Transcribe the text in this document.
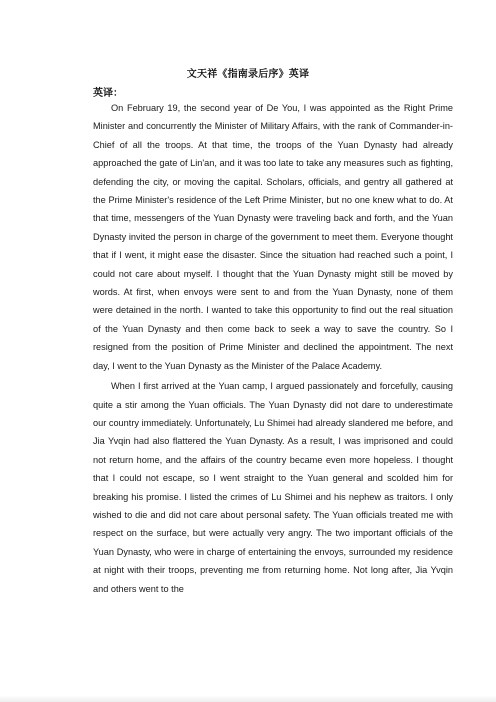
文天祥《指南录后序》英译
英译：

On February 19, the second year of De You, I was appointed as the Right Prime Minister and concurrently the Minister of Military Affairs, with the rank of Commander-in-Chief of all the troops. At that time, the troops of the Yuan Dynasty had already approached the gate of Lin'an, and it was too late to take any measures such as fighting, defending the city, or moving the capital. Scholars, officials, and gentry all gathered at the Prime Minister's residence of the Left Prime Minister, but no one knew what to do. At that time, messengers of the Yuan Dynasty were traveling back and forth, and the Yuan Dynasty invited the person in charge of the government to meet them. Everyone thought that if I went, it might ease the disaster. Since the situation had reached such a point, I could not care about myself. I thought that the Yuan Dynasty might still be moved by words. At first, when envoys were sent to and from the Yuan Dynasty, none of them were detained in the north. I wanted to take this opportunity to find out the real situation of the Yuan Dynasty and then come back to seek a way to save the country. So I resigned from the position of Prime Minister and declined the appointment. The next day, I went to the Yuan Dynasty as the Minister of the Palace Academy.

When I first arrived at the Yuan camp, I argued passionately and forcefully, causing quite a stir among the Yuan officials. The Yuan Dynasty did not dare to underestimate our country immediately. Unfortunately, Lu Shimei had already slandered me before, and Jia Yvqin had also flattered the Yuan Dynasty. As a result, I was imprisoned and could not return home, and the affairs of the country became even more hopeless. I thought that I could not escape, so I went straight to the Yuan general and scolded him for breaking his promise. I listed the crimes of Lu Shimei and his nephew as traitors. I only wished to die and did not care about personal safety. The Yuan officials treated me with respect on the surface, but were actually very angry. The two important officials of the Yuan Dynasty, who were in charge of entertaining the envoys, surrounded my residence at night with their troops, preventing me from returning home. Not long after, Jia Yvqin and others went to the
